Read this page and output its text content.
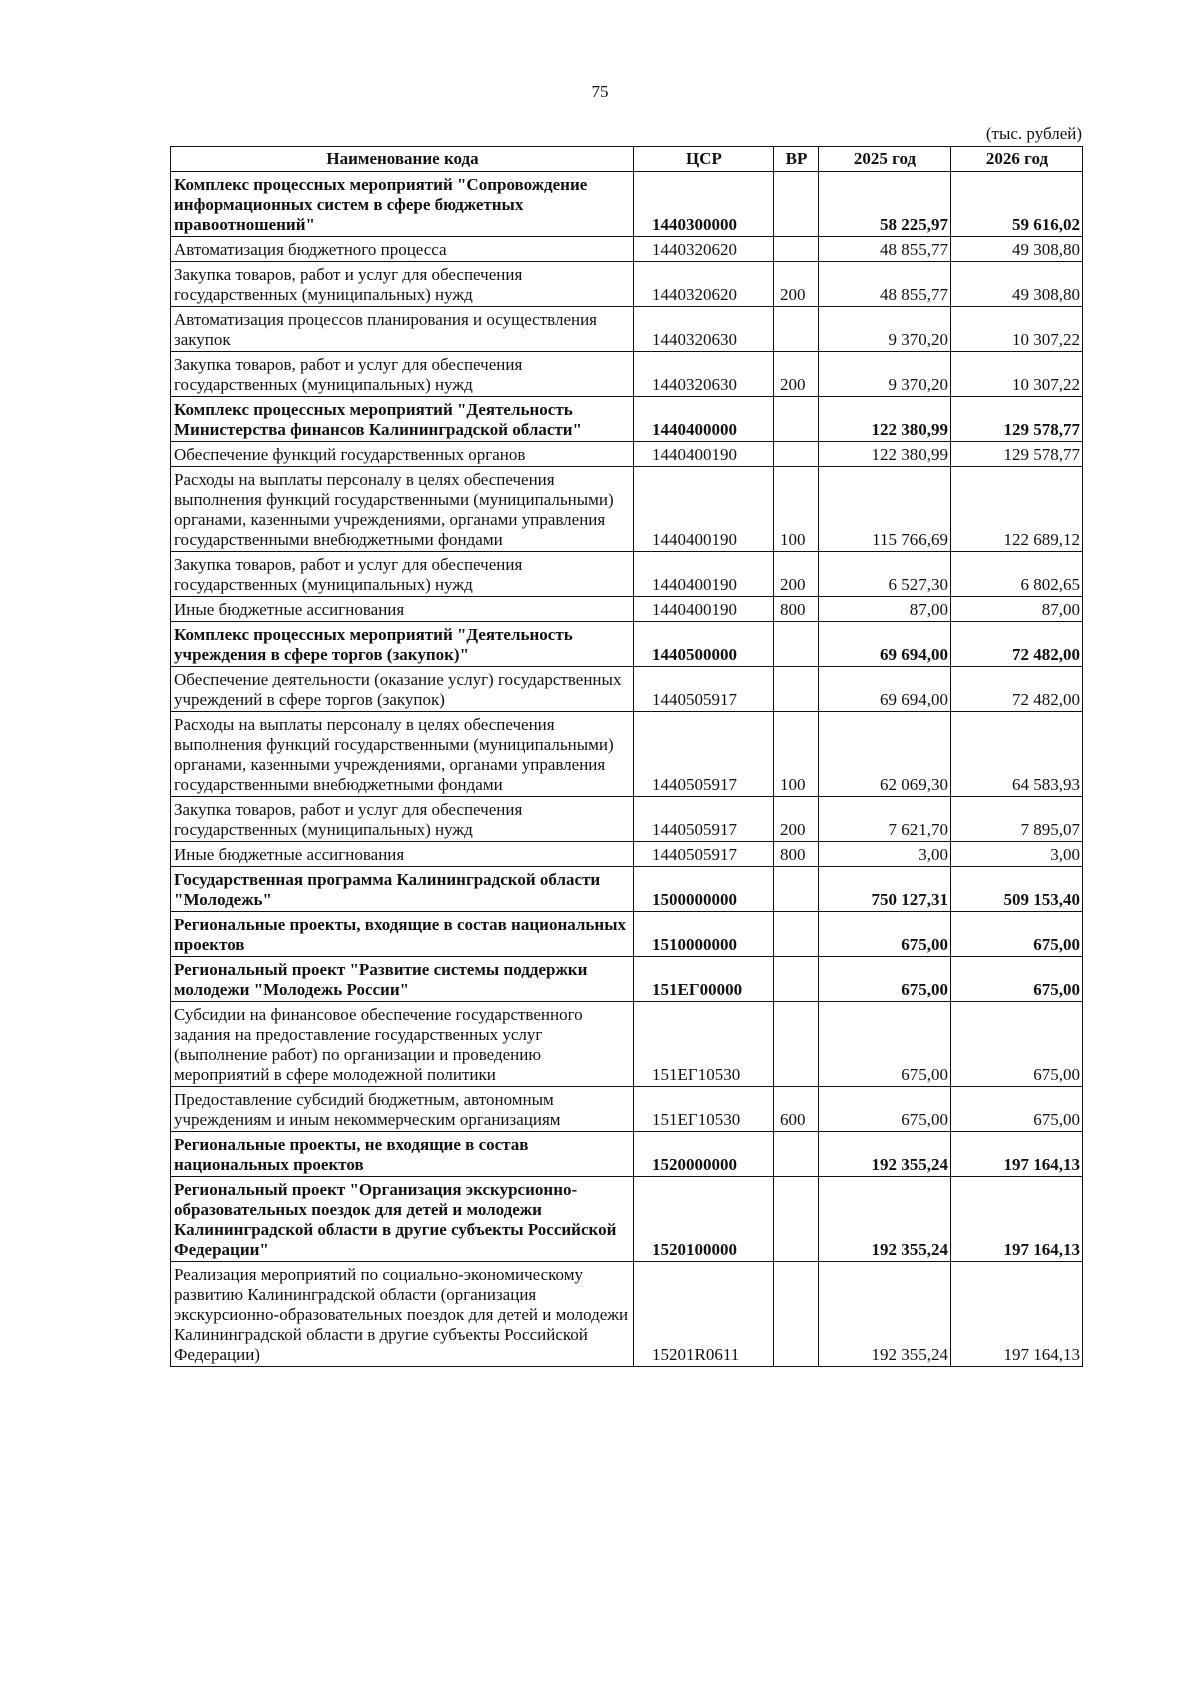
75
(тыс. рублей)
Наименование кода	ЦСР	ВР	2025 год	2026 год
Комплекс процессных мероприятий "Сопровождение информационных систем в сфере бюджетных правоотношений"	1440300000		58 225,97	59 616,02
Автоматизация бюджетного процесса	1440320620		48 855,77	49 308,80
Закупка товаров, работ и услуг для обеспечения государственных (муниципальных) нужд	1440320620	200	48 855,77	49 308,80
Автоматизация процессов планирования и осуществления закупок	1440320630		9 370,20	10 307,22
Закупка товаров, работ и услуг для обеспечения государственных (муниципальных) нужд	1440320630	200	9 370,20	10 307,22
Комплекс процессных мероприятий "Деятельность Министерства финансов Калининградской области"	1440400000		122 380,99	129 578,77
Обеспечение функций государственных органов	1440400190		122 380,99	129 578,77
Расходы на выплаты персоналу в целях обеспечения выполнения функций государственными (муниципальными) органами, казенными учреждениями, органами управления государственными внебюджетными фондами	1440400190	100	115 766,69	122 689,12
Закупка товаров, работ и услуг для обеспечения государственных (муниципальных) нужд	1440400190	200	6 527,30	6 802,65
Иные бюджетные ассигнования	1440400190	800	87,00	87,00
Комплекс процессных мероприятий "Деятельность учреждения в сфере торгов (закупок)"	1440500000		69 694,00	72 482,00
Обеспечение деятельности (оказание услуг) государственных учреждений в сфере торгов (закупок)	1440505917		69 694,00	72 482,00
Расходы на выплаты персоналу в целях обеспечения выполнения функций государственными (муниципальными) органами, казенными учреждениями, органами управления государственными внебюджетными фондами	1440505917	100	62 069,30	64 583,93
Закупка товаров, работ и услуг для обеспечения государственных (муниципальных) нужд	1440505917	200	7 621,70	7 895,07
Иные бюджетные ассигнования	1440505917	800	3,00	3,00
Государственная программа Калининградской области "Молодежь"	1500000000		750 127,31	509 153,40
Региональные проекты, входящие в состав национальных проектов	1510000000		675,00	675,00
Региональный проект "Развитие системы поддержки молодежи "Молодежь России"	151ЕГ00000		675,00	675,00
Субсидии на финансовое обеспечение государственного задания на предоставление государственных услуг (выполнение работ) по организации и проведению мероприятий в сфере молодежной политики	151ЕГ10530		675,00	675,00
Предоставление субсидий бюджетным, автономным учреждениям и иным некоммерческим организациям	151ЕГ10530	600	675,00	675,00
Региональные проекты, не входящие в состав национальных проектов	1520000000		192 355,24	197 164,13
Региональный проект "Организация экскурсионно-образовательных поездок для детей и молодежи Калининградской области в другие субъекты Российской Федерации"	1520100000		192 355,24	197 164,13
Реализация мероприятий по социально-экономическому развитию Калининградской области (организация экскурсионно-образовательных поездок для детей и молодежи Калининградской области в другие субъекты Российской Федерации)	15201R0611		192 355,24	197 164,13
